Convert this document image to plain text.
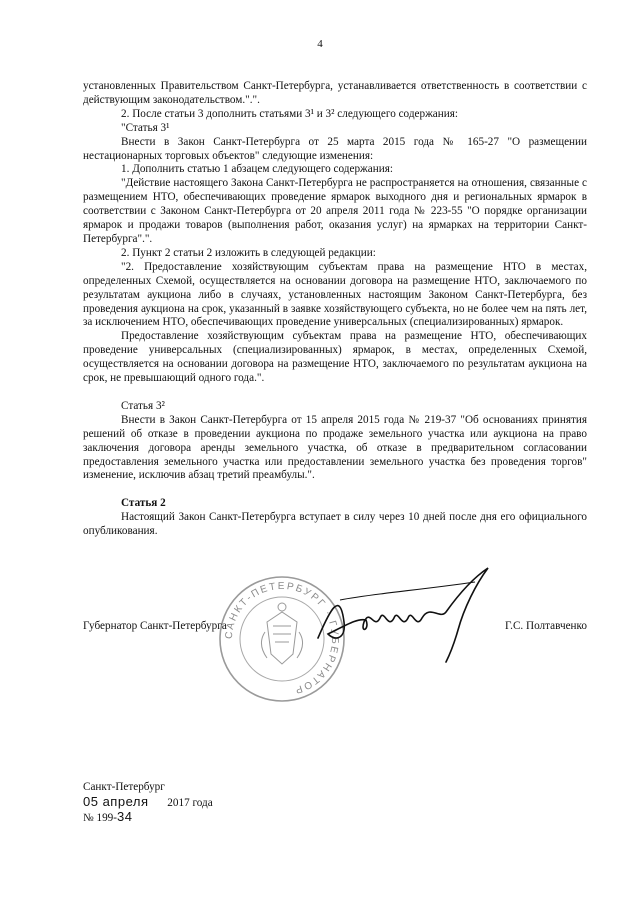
4

установленных Правительством Санкт-Петербурга, устанавливается ответственность в соответствии с действующим законодательством.".".

2. После статьи 3 дополнить статьями 3¹ и 3² следующего содержания:

"Статья 3¹

Внести в Закон Санкт-Петербурга от 25 марта 2015 года № 165-27 "О размещении нестационарных торговых объектов" следующие изменения:

1. Дополнить статью 1 абзацем следующего содержания:

"Действие настоящего Закона Санкт-Петербурга не распространяется на отношения, связанные с размещением НТО, обеспечивающих проведение ярмарок выходного дня и региональных ярмарок в соответствии с Законом Санкт-Петербурга от 20 апреля 2011 года № 223-55 "О порядке организации ярмарок и продажи товаров (выполнения работ, оказания услуг) на ярмарках на территории Санкт-Петербурга".".

2. Пункт 2 статьи 2 изложить в следующей редакции:

"2. Предоставление хозяйствующим субъектам права на размещение НТО в местах, определенных Схемой, осуществляется на основании договора на размещение НТО, заключаемого по результатам аукциона либо в случаях, установленных настоящим Законом Санкт-Петербурга, без проведения аукциона на срок, указанный в заявке хозяйствующего субъекта, но не более чем на пять лет, за исключением НТО, обеспечивающих проведение универсальных (специализированных) ярмарок.

Предоставление хозяйствующим субъектам права на размещение НТО, обеспечивающих проведение универсальных (специализированных) ярмарок, в местах, определенных Схемой, осуществляется на основании договора на размещение НТО, заключаемого по результатам аукциона на срок, не превышающий одного года.".

Статья 3²

Внести в Закон Санкт-Петербурга от 15 апреля 2015 года № 219-37 "Об основаниях принятия решений об отказе в проведении аукциона по продаже земельного участка или аукциона на право заключения договора аренды земельного участка, об отказе в предварительном согласовании предоставления земельного участка или предоставлении земельного участка без проведения торгов" изменение, исключив абзац третий преамбулы.".

Статья 2

Настоящий Закон Санкт-Петербурга вступает в силу через 10 дней после дня его официального опубликования.

САНКТ-ПЕТЕРБУРГ · ГУБЕРНАТОР
Губернатор Санкт-Петербурга	Г.С. Полтавченко
Санкт-Петербург
05 апреля 2017 года
№ 199-34
